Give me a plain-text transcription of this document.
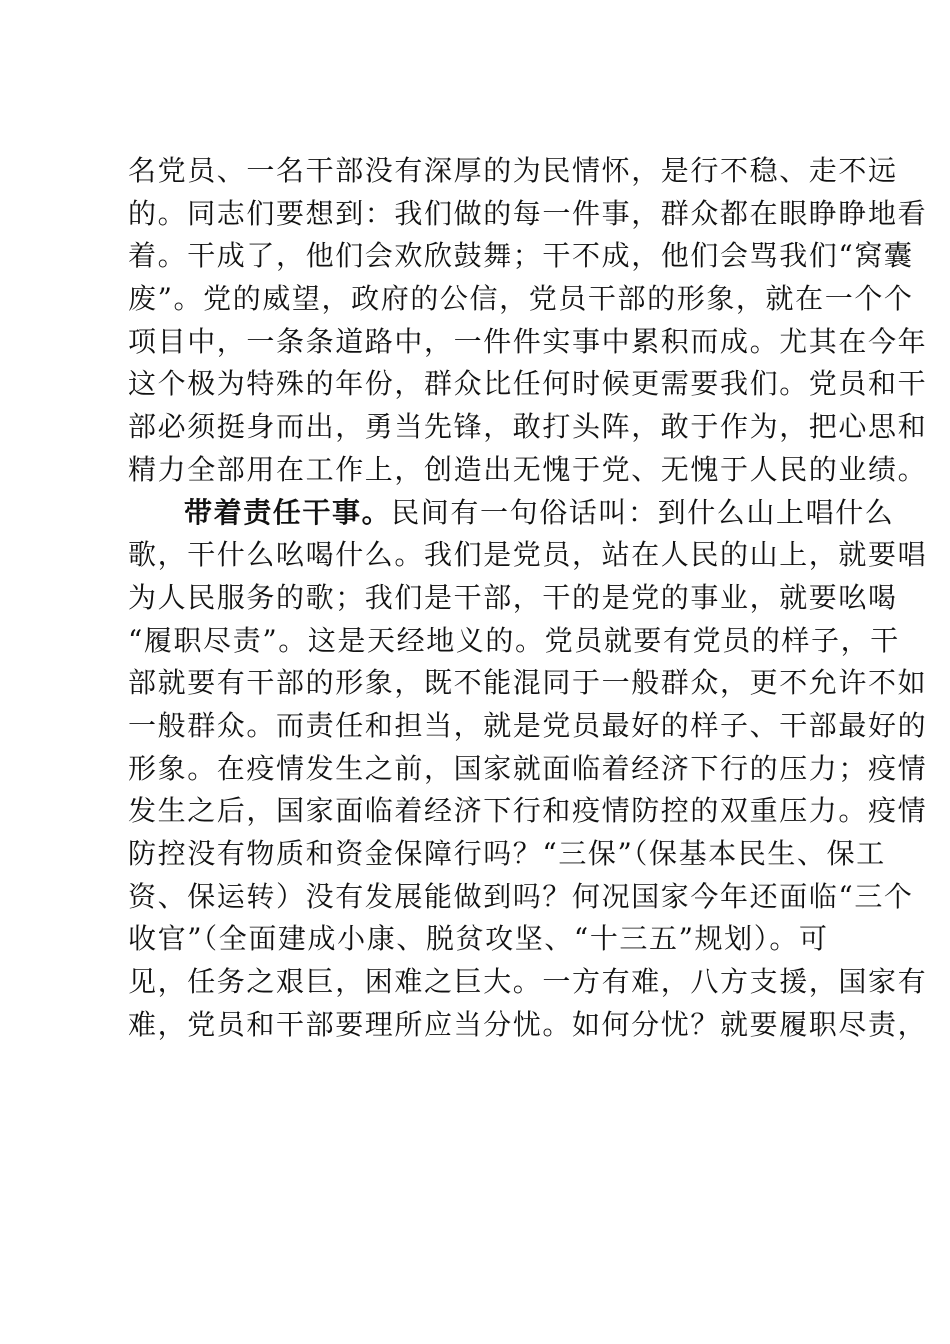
名党员、一名干部没有深厚的为民情怀，是行不稳、走不远
的。同志们要想到：我们做的每一件事，群众都在眼睁睁地看
着。干成了，他们会欢欣鼓舞；干不成，他们会骂我们“窝囊
废”。党的威望，政府的公信，党员干部的形象，就在一个个
项目中，一条条道路中，一件件实事中累积而成。尤其在今年
这个极为特殊的年份，群众比任何时候更需要我们。党员和干
部必须挺身而出，勇当先锋，敢打头阵，敢于作为，把心思和
精力全部用在工作上，创造出无愧于党、无愧于人民的业绩。
带着责任干事。民间有一句俗话叫：到什么山上唱什么
歌，干什么吆喝什么。我们是党员，站在人民的山上，就要唱
为人民服务的歌；我们是干部，干的是党的事业，就要吆喝
“履职尽责”。这是天经地义的。党员就要有党员的样子，干
部就要有干部的形象，既不能混同于一般群众，更不允许不如
一般群众。而责任和担当，就是党员最好的样子、干部最好的
形象。在疫情发生之前，国家就面临着经济下行的压力；疫情
发生之后，国家面临着经济下行和疫情防控的双重压力。疫情
防控没有物质和资金保障行吗？“三保”（保基本民生、保工
资、保运转）没有发展能做到吗？何况国家今年还面临“三个
收官”（全面建成小康、脱贫攻坚、“十三五”规划）。可
见，任务之艰巨，困难之巨大。一方有难，八方支援，国家有
难，党员和干部要理所应当分忧。如何分忧？就要履职尽责，
